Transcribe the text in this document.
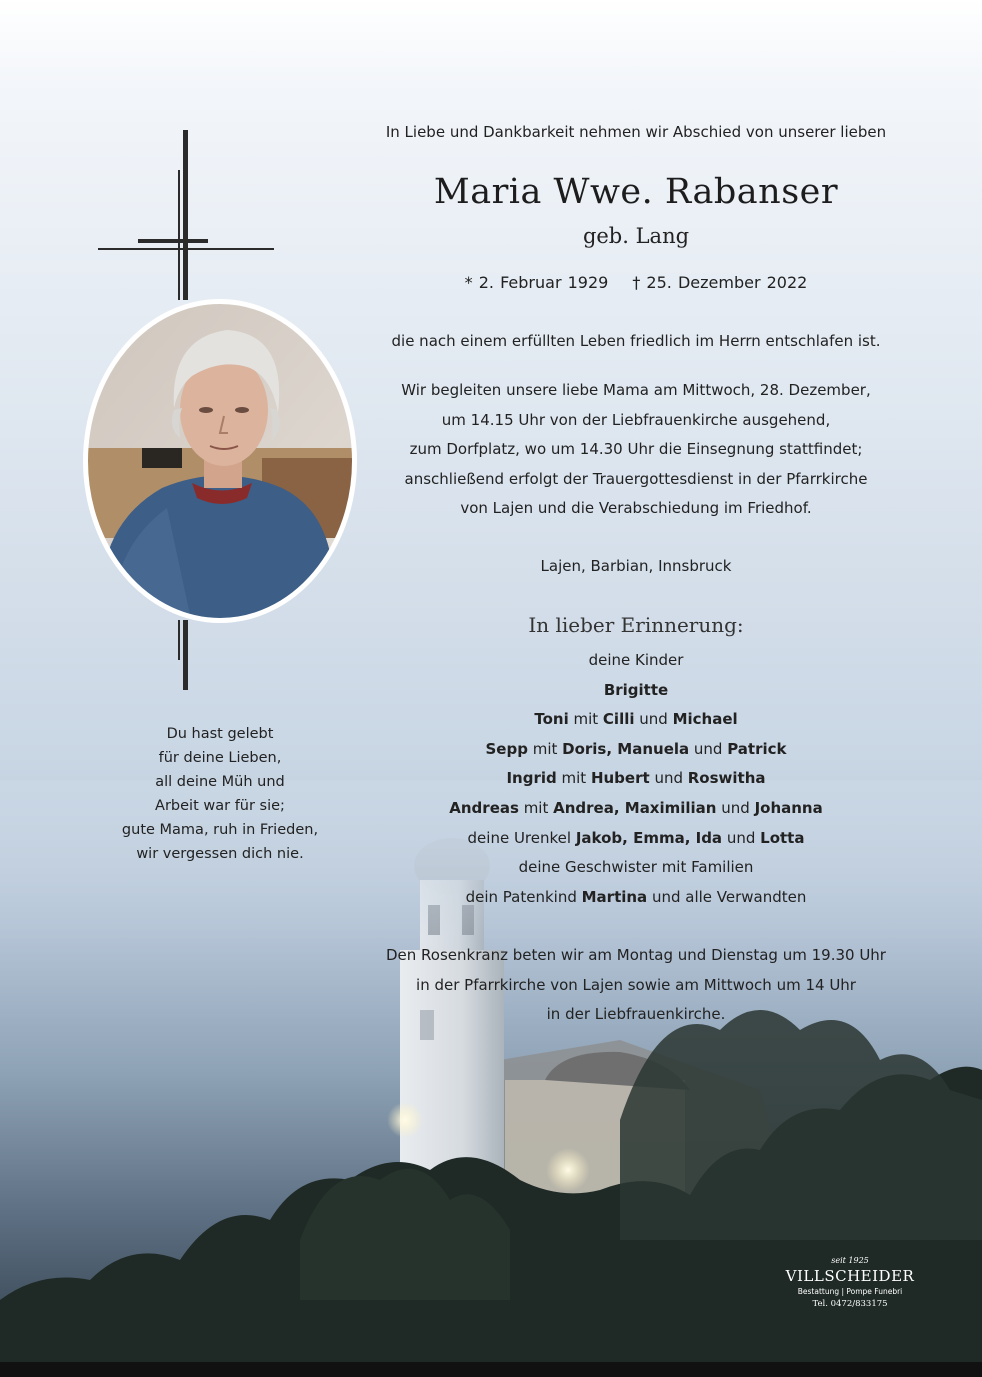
In Liebe und Dankbarkeit nehmen wir Abschied von unserer lieben
Maria Wwe. Rabanser
geb. Lang
* 2. Februar 1929 † 25. Dezember 2022
die nach einem erfüllten Leben friedlich im Herrn entschlafen ist.
Wir begleiten unsere liebe Mama am Mittwoch, 28. Dezember,
um 14.15 Uhr von der Liebfrauenkirche ausgehend,
zum Dorfplatz, wo um 14.30 Uhr die Einsegnung stattfindet;
anschließend erfolgt der Trauergottesdienst in der Pfarrkirche
von Lajen und die Verabschiedung im Friedhof.
Lajen, Barbian, Innsbruck
In lieber Erinnerung:
deine Kinder
Brigitte
Toni mit Cilli und Michael
Sepp mit Doris, Manuela und Patrick
Ingrid mit Hubert und Roswitha
Andreas mit Andrea, Maximilian und Johanna
deine Urenkel Jakob, Emma, Ida und Lotta
deine Geschwister mit Familien
dein Patenkind Martina und alle Verwandten
Den Rosenkranz beten wir am Montag und Dienstag um 19.30 Uhr
in der Pfarrkirche von Lajen sowie am Mittwoch um 14 Uhr
in der Liebfrauenkirche.
Du hast gelebt
für deine Lieben,
all deine Müh und
Arbeit war für sie;
gute Mama, ruh in Frieden,
wir vergessen dich nie.
seit 1925
VILLSCHEIDER
Bestattung | Pompe Funebri
Tel. 0472/833175
